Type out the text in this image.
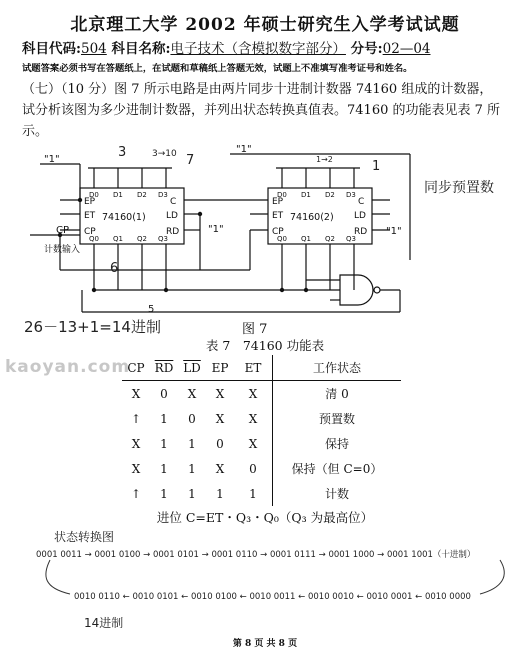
北京理工大学 2002 年硕士研究生入学考试试题
科目代码:504 科目名称:电子技术（含模拟数字部分） 分号:02—04
试题答案必须书写在答题纸上，在试题和草稿纸上答题无效，试题上不准填写准考证号和姓名。
（七）（10 分）图 7 所示电路是由两片同步十进制计数器 74160 组成的计数器，试分析该图为多少进制计数器，并列出状态转换真值表。74160 的功能表见表 7 所示。
EP
ET
CP
C
LD
RD
74160(1)
EP
ET
CP
C
LD
RD
74160(2)
D0 D1 D2 D3
Q0 Q1 Q2 Q3
D0 D1 D2 D3
Q0 Q1 Q2 Q3
"1"
"1"
"1"	"1"
CP
计数输入
3	3→10 7	1
1→2
6
5
同步预置数
26－13+1=14进制	图 7
表 7　74160 功能表
kaoyan.com
CP	$\overline{RD}$	$\overline{LD}$	EP	ET	工作状态
X	0	X	X	X	清 0
↑	1	0	X	X	预置数
X	1	1	0	X	保持
X	1	1	X	0	保持（但 C=0）
↑	1	1	1	1	计数
进位 C=ET・Q₃・Q₀（Q₃ 为最高位）
状态转换图
0001 0011 → 0001 0100 → 0001 0101 → 0001 0110 → 0001 0111 → 0001 1000 → 0001 1001（十进制）
0010 0110 ← 0010 0101 ← 0010 0100 ← 0010 0011 ← 0010 0010 ← 0010 0001 ← 0010 0000
14进制
第 8 页 共 8 页
